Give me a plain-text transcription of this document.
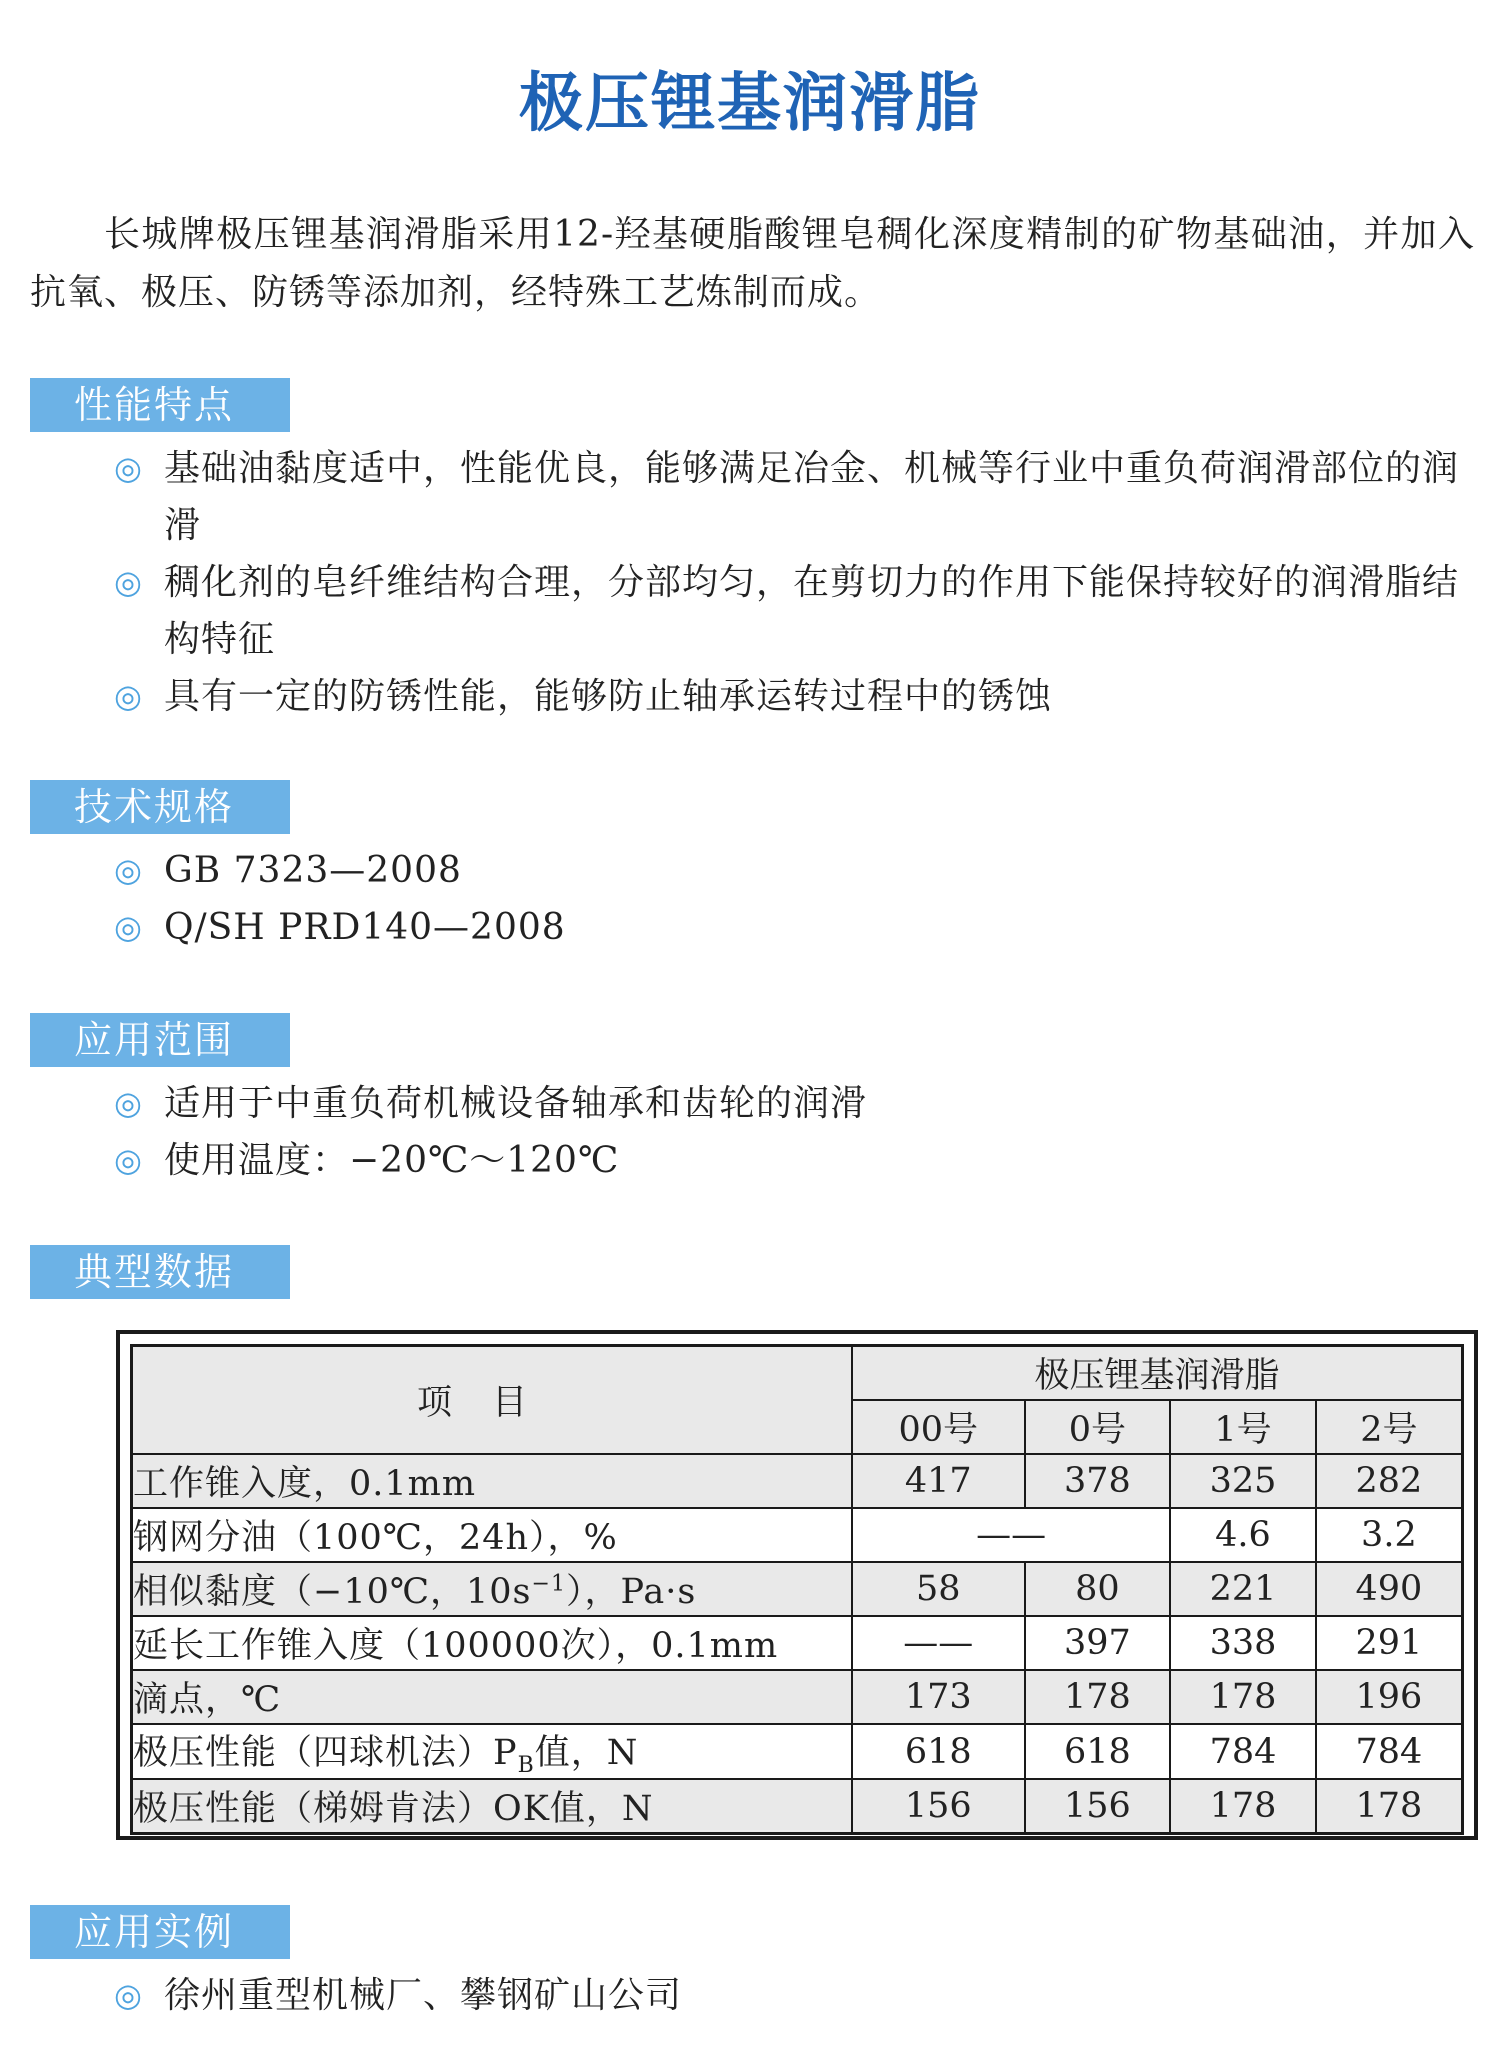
极压锂基润滑脂

长城牌极压锂基润滑脂采用12-羟基硬脂酸锂皂稠化深度精制的矿物基础油，并加入抗氧、极压、防锈等添加剂，经特殊工艺炼制而成。

性能特点
◎ 基础油黏度适中，性能优良，能够满足冶金、机械等行业中重负荷润滑部位的润滑
◎ 稠化剂的皂纤维结构合理，分部均匀，在剪切力的作用下能保持较好的润滑脂结构特征
◎ 具有一定的防锈性能，能够防止轴承运转过程中的锈蚀
技术规格
◎ GB 7323—2008
◎ Q/SH PRD140—2008
应用范围
◎ 适用于中重负荷机械设备轴承和齿轮的润滑
◎ 使用温度：−20℃～120℃
典型数据
项目	极压锂基润滑脂			
	00号	0号	1号	2号
工作锥入度，0.1mm	417	378	325	282
钢网分油（100℃，24h），%	——		4.6	3.2
相似黏度（−10℃，$10s^{-1}$），Pa·s	58	80	221	490
延长工作锥入度（100000次），0.1mm	——	397	338	291
滴点，℃	173	178	178	196
极压性能（四球机法）$P_B$值，N	618	618	784	784
极压性能（梯姆肯法）OK值，N	156	156	178	178
应用实例
◎ 徐州重型机械厂、攀钢矿山公司
